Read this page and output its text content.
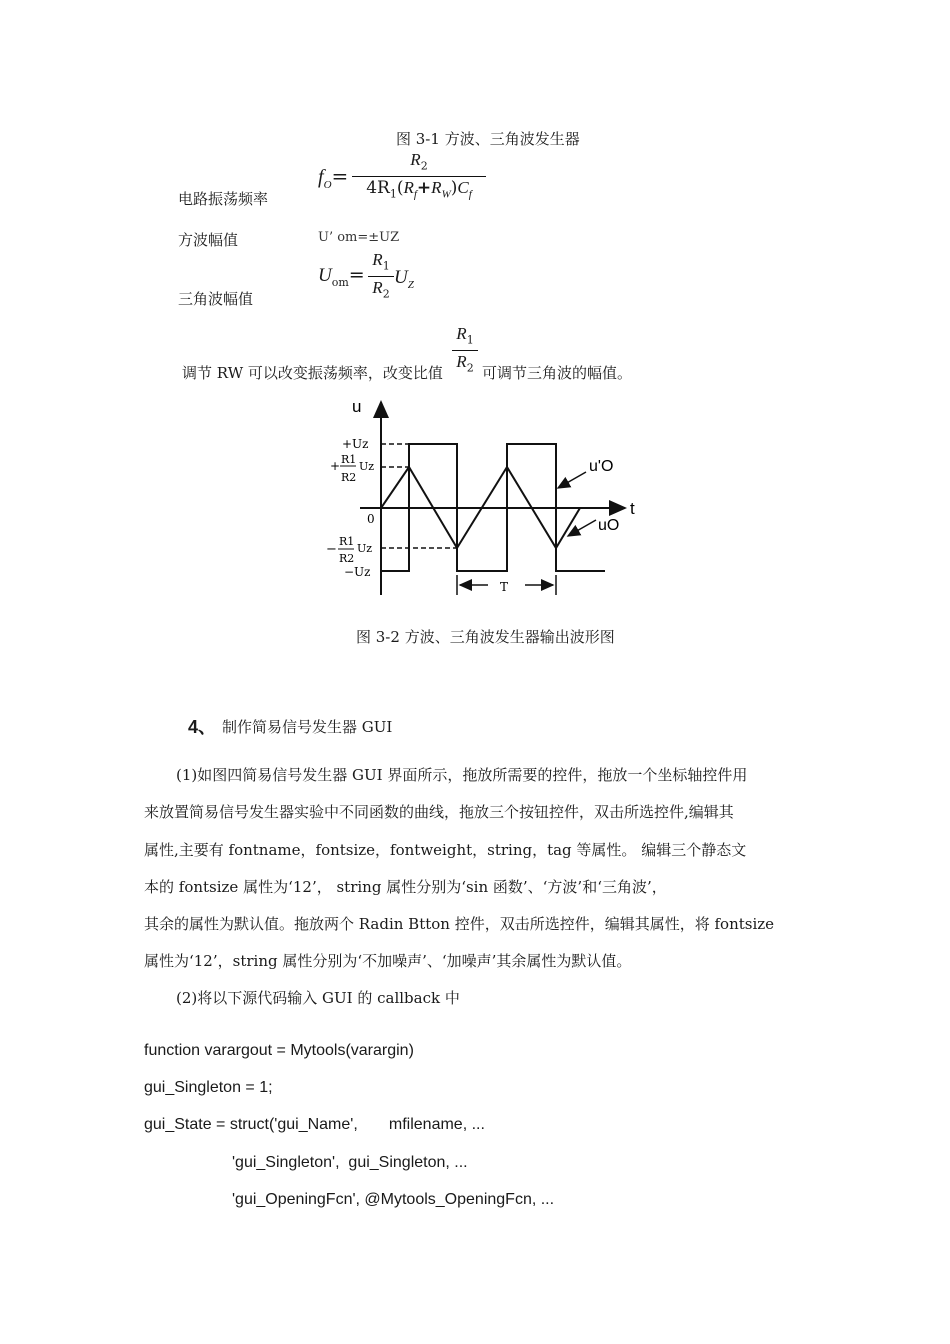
图 3-1 方波、三角波发生器
电路振荡频率
$f_O=$
$R_2$
$4R_1(R_f+R_W)C_f$
方波幅值	U’ om=±UZ
三角波幅值
$U_{om}=$
$R_1$
$R_2$
$U_Z$
调节 RW 可以改变振荡频率，改变比值
$R_1$
$R_2$ 可调节三角波的幅值。
u
t
0
+Uz
+ R1
R2
Uz
−
R1
R2
Uz
−Uz
T
u'O
uO
图 3-2 方波、三角波发生器输出波形图
4、 制作简易信号发生器 GUI
(1)如图四简易信号发生器 GUI 界面所示，拖放所需要的控件，拖放一个坐标轴控件用
来放置简易信号发生器实验中不同函数的曲线，拖放三个按钮控件，双击所选控件,编辑其
属性,主要有 fontname，fontsize，fontweight，string，tag 等属性。 编辑三个静态文
本的 fontsize 属性为‘12’， string 属性分别为‘sin 函数’、‘方波’和‘三角波’，
其余的属性为默认值。拖放两个 Radin Btton 控件，双击所选控件，编辑其属性，将 fontsize
属性为‘12’，string 属性分别为‘不加噪声’、‘加噪声’其余属性为默认值。
(2)将以下源代码输入 GUI 的 callback 中
function varargout = Mytools(varargin)
gui_Singleton = 1;
gui_State = struct('gui_Name',       mfilename, ...
'gui_Singleton',  gui_Singleton, ...
'gui_OpeningFcn', @Mytools_OpeningFcn, ...
